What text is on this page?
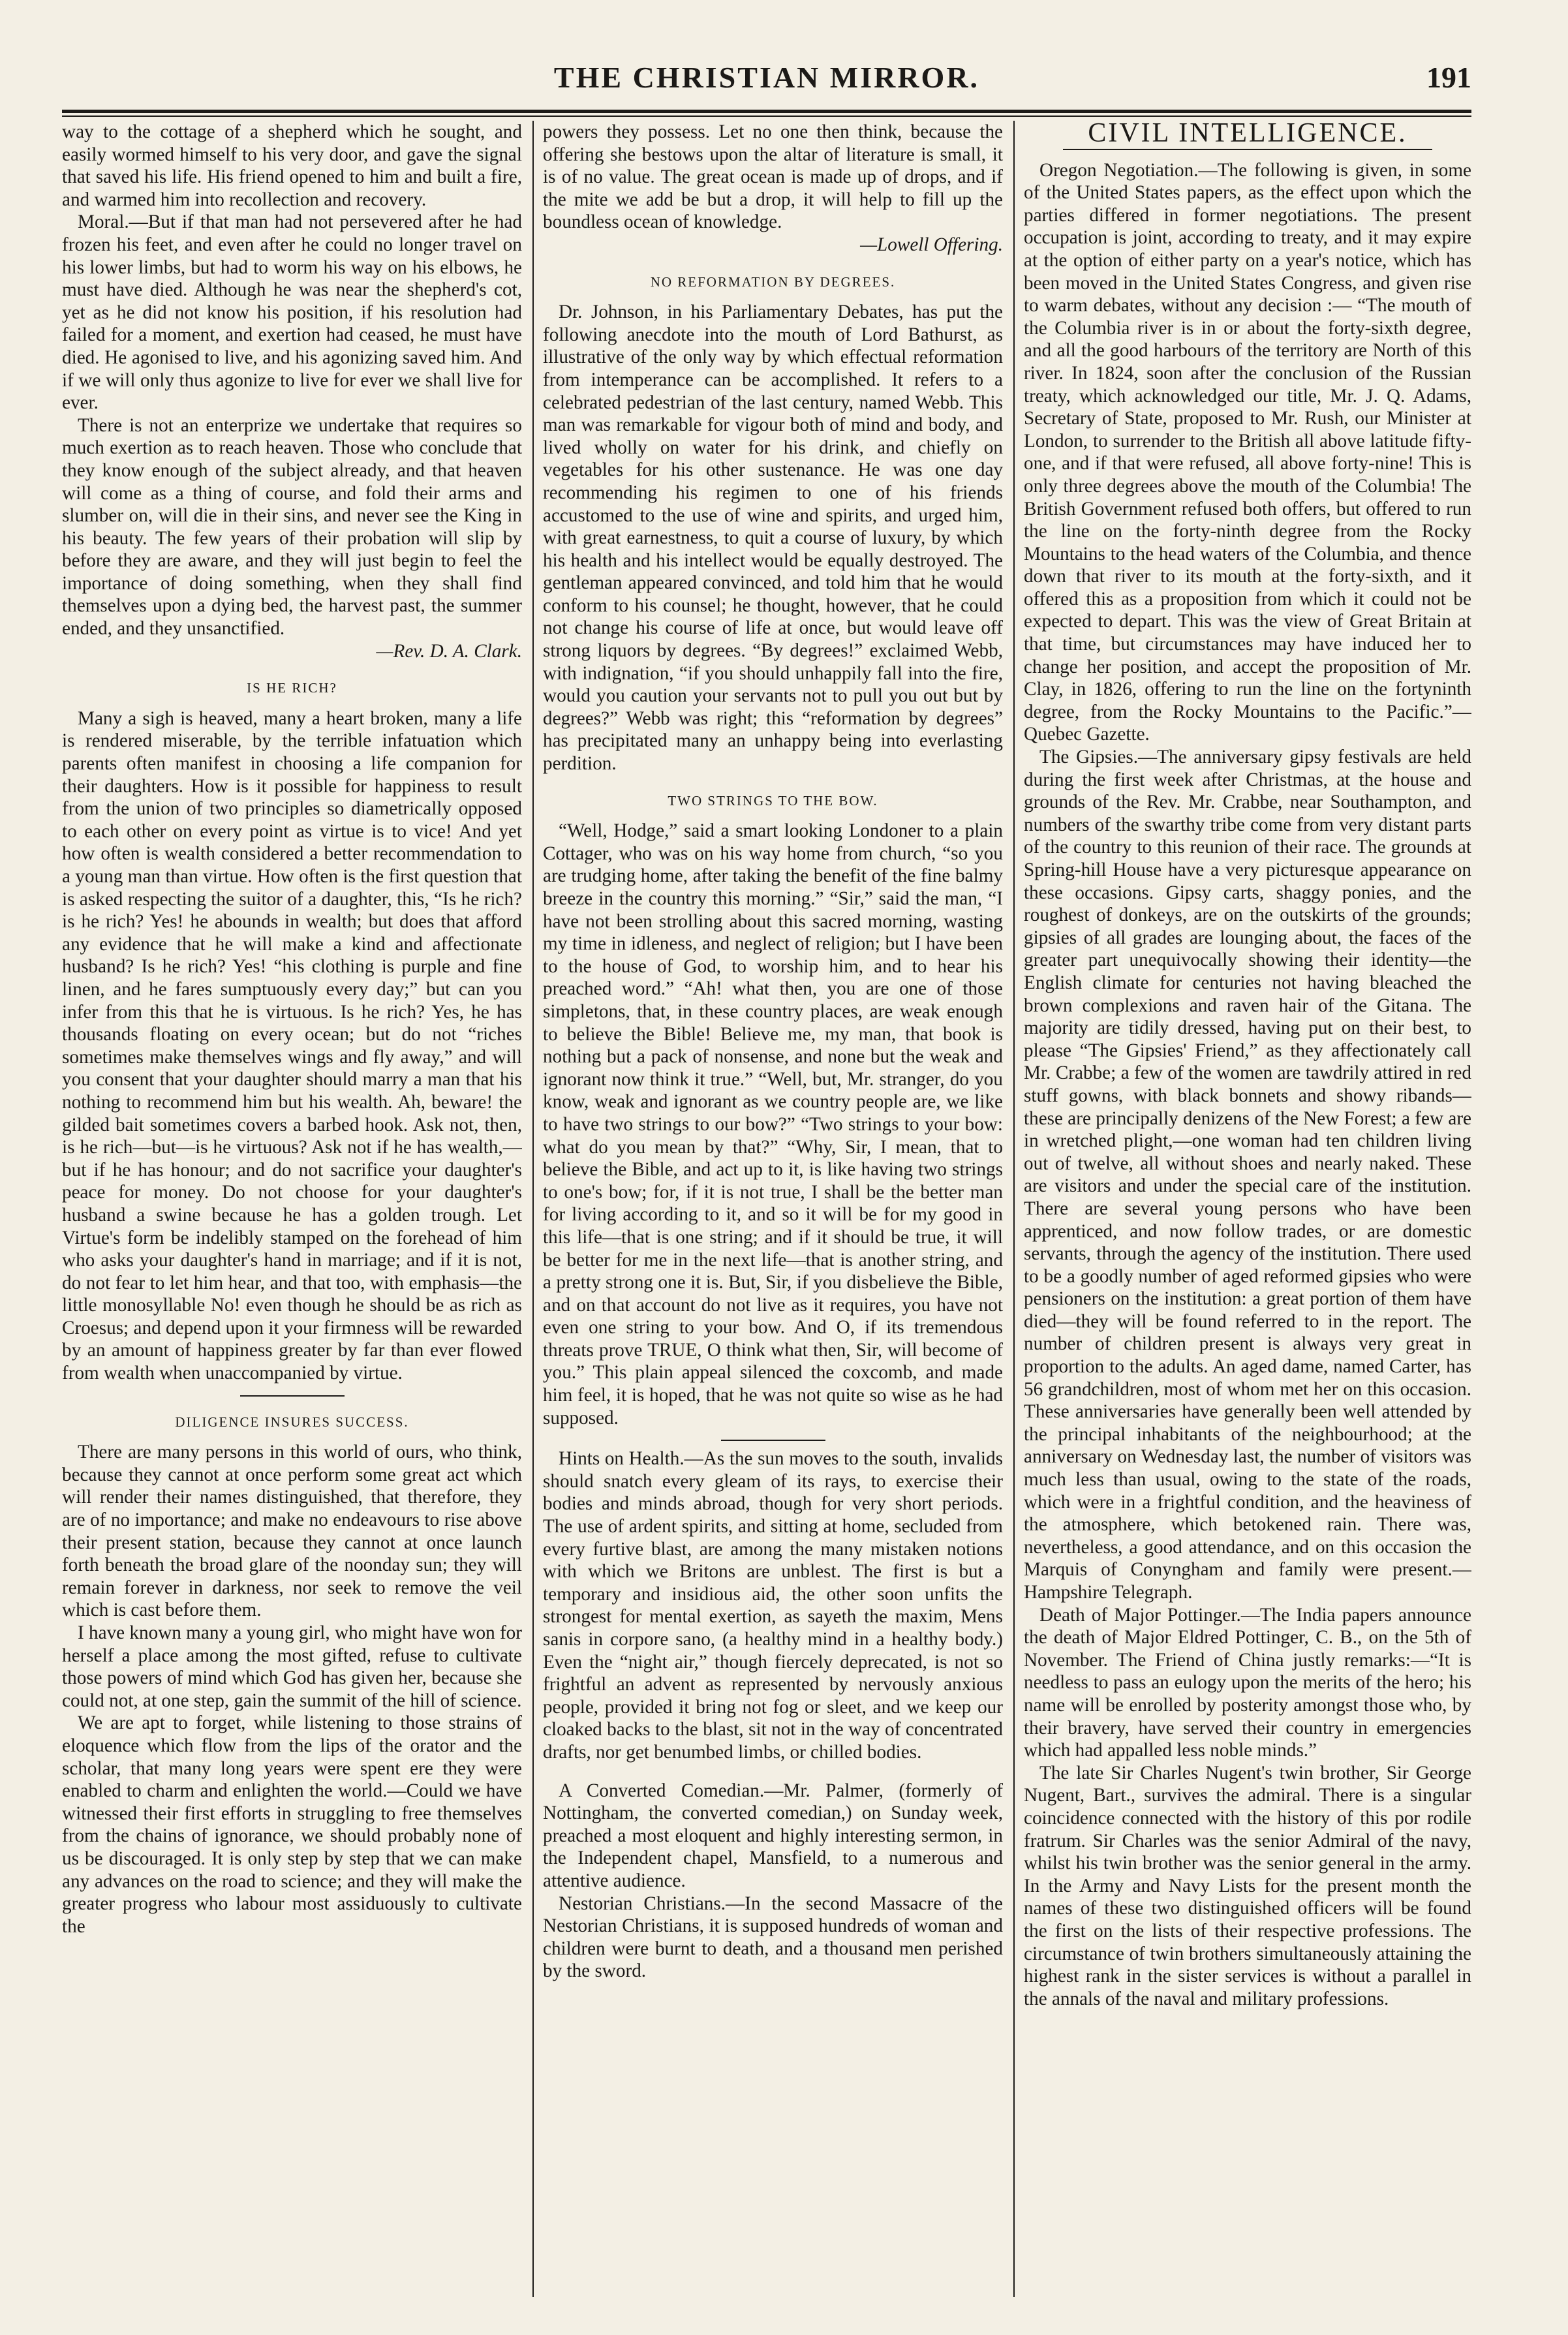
THE CHRISTIAN MIRROR.	191

way to the cottage of a shepherd which he sought, and easily wormed himself to his very door, and gave the signal that saved his life. His friend opened to him and built a fire, and warmed him into recollection and recovery.

Moral.—But if that man had not persevered after he had frozen his feet, and even after he could no longer travel on his lower limbs, but had to worm his way on his elbows, he must have died. Although he was near the shepherd's cot, yet as he did not know his position, if his resolution had failed for a moment, and exertion had ceased, he must have died. He agonised to live, and his agonizing saved him. And if we will only thus agonize to live for ever we shall live for ever.

There is not an enterprize we undertake that requires so much exertion as to reach heaven. Those who conclude that they know enough of the subject already, and that heaven will come as a thing of course, and fold their arms and slumber on, will die in their sins, and never see the King in his beauty. The few years of their probation will slip by before they are aware, and they will just begin to feel the importance of doing something, when they shall find themselves upon a dying bed, the harvest past, the summer ended, and they unsanctified.

—Rev. D. A. Clark.

IS HE RICH?

Many a sigh is heaved, many a heart broken, many a life is rendered miserable, by the terrible infatuation which parents often manifest in choosing a life companion for their daughters. How is it possible for happiness to result from the union of two principles so diametrically opposed to each other on every point as virtue is to vice! And yet how often is wealth considered a better recommendation to a young man than virtue. How often is the first question that is asked respecting the suitor of a daughter, this, “Is he rich? is he rich? Yes! he abounds in wealth; but does that afford any evidence that he will make a kind and affectionate husband? Is he rich? Yes! “his clothing is purple and fine linen, and he fares sumptuously every day;” but can you infer from this that he is virtuous. Is he rich? Yes, he has thousands floating on every ocean; but do not “riches sometimes make themselves wings and fly away,” and will you consent that your daughter should marry a man that his nothing to recommend him but his wealth. Ah, beware! the gilded bait sometimes covers a barbed hook. Ask not, then, is he rich—but—is he virtuous? Ask not if he has wealth,—but if he has honour; and do not sacrifice your daughter's peace for money. Do not choose for your daughter's husband a swine because he has a golden trough. Let Virtue's form be indelibly stamped on the forehead of him who asks your daughter's hand in marriage; and if it is not, do not fear to let him hear, and that too, with emphasis—the little monosyllable No! even though he should be as rich as Croesus; and depend upon it your firmness will be rewarded by an amount of happiness greater by far than ever flowed from wealth when unaccompanied by virtue.

DILIGENCE INSURES SUCCESS.

There are many persons in this world of ours, who think, because they cannot at once perform some great act which will render their names distinguished, that therefore, they are of no importance; and make no endeavours to rise above their present station, because they cannot at once launch forth beneath the broad glare of the noonday sun; they will remain forever in darkness, nor seek to remove the veil which is cast before them.

I have known many a young girl, who might have won for herself a place among the most gifted, refuse to cultivate those powers of mind which God has given her, because she could not, at one step, gain the summit of the hill of science.

We are apt to forget, while listening to those strains of eloquence which flow from the lips of the orator and the scholar, that many long years were spent ere they were enabled to charm and enlighten the world.—Could we have witnessed their first efforts in struggling to free themselves from the chains of ignorance, we should probably none of us be discouraged. It is only step by step that we can make any advances on the road to science; and they will make the greater progress who labour most assiduously to cultivate the

powers they possess. Let no one then think, because the offering she bestows upon the altar of literature is small, it is of no value. The great ocean is made up of drops, and if the mite we add be but a drop, it will help to fill up the boundless ocean of knowledge.

—Lowell Offering.

NO REFORMATION BY DEGREES.

Dr. Johnson, in his Parliamentary Debates, has put the following anecdote into the mouth of Lord Bathurst, as illustrative of the only way by which effectual reformation from intemperance can be accomplished. It refers to a celebrated pedestrian of the last century, named Webb. This man was remarkable for vigour both of mind and body, and lived wholly on water for his drink, and chiefly on vegetables for his other sustenance. He was one day recommending his regimen to one of his friends accustomed to the use of wine and spirits, and urged him, with great earnestness, to quit a course of luxury, by which his health and his intellect would be equally destroyed. The gentleman appeared convinced, and told him that he would conform to his counsel; he thought, however, that he could not change his course of life at once, but would leave off strong liquors by degrees. “By degrees!” exclaimed Webb, with indignation, “if you should unhappily fall into the fire, would you caution your servants not to pull you out but by degrees?” Webb was right; this “reformation by degrees” has precipitated many an unhappy being into everlasting perdition.

TWO STRINGS TO THE BOW.

“Well, Hodge,” said a smart looking Londoner to a plain Cottager, who was on his way home from church, “so you are trudging home, after taking the benefit of the fine balmy breeze in the country this morning.” “Sir,” said the man, “I have not been strolling about this sacred morning, wasting my time in idleness, and neglect of religion; but I have been to the house of God, to worship him, and to hear his preached word.” “Ah! what then, you are one of those simpletons, that, in these country places, are weak enough to believe the Bible! Believe me, my man, that book is nothing but a pack of nonsense, and none but the weak and ignorant now think it true.” “Well, but, Mr. stranger, do you know, weak and ignorant as we country people are, we like to have two strings to our bow?” “Two strings to your bow: what do you mean by that?” “Why, Sir, I mean, that to believe the Bible, and act up to it, is like having two strings to one's bow; for, if it is not true, I shall be the better man for living according to it, and so it will be for my good in this life—that is one string; and if it should be true, it will be better for me in the next life—that is another string, and a pretty strong one it is. But, Sir, if you disbelieve the Bible, and on that account do not live as it requires, you have not even one string to your bow. And O, if its tremendous threats prove TRUE, O think what then, Sir, will become of you.” This plain appeal silenced the coxcomb, and made him feel, it is hoped, that he was not quite so wise as he had supposed.

Hints on Health.—As the sun moves to the south, invalids should snatch every gleam of its rays, to exercise their bodies and minds abroad, though for very short periods. The use of ardent spirits, and sitting at home, secluded from every furtive blast, are among the many mistaken notions with which we Britons are unblest. The first is but a temporary and insidious aid, the other soon unfits the strongest for mental exertion, as sayeth the maxim, Mens sanis in corpore sano, (a healthy mind in a healthy body.) Even the “night air,” though fiercely deprecated, is not so frightful an advent as represented by nervously anxious people, provided it bring not fog or sleet, and we keep our cloaked backs to the blast, sit not in the way of concentrated drafts, nor get benumbed limbs, or chilled bodies.

A Converted Comedian.—Mr. Palmer, (formerly of Nottingham, the converted comedian,) on Sunday week, preached a most eloquent and highly interesting sermon, in the Independent chapel, Mansfield, to a numerous and attentive audience.

Nestorian Christians.—In the second Massacre of the Nestorian Christians, it is supposed hundreds of woman and children were burnt to death, and a thousand men perished by the sword.

CIVIL INTELLIGENCE.

Oregon Negotiation.—The following is given, in some of the United States papers, as the effect upon which the parties differed in former negotiations. The present occupation is joint, according to treaty, and it may expire at the option of either party on a year's notice, which has been moved in the United States Congress, and given rise to warm debates, without any decision :— “The mouth of the Columbia river is in or about the forty-sixth degree, and all the good harbours of the territory are North of this river. In 1824, soon after the conclusion of the Russian treaty, which acknowledged our title, Mr. J. Q. Adams, Secretary of State, proposed to Mr. Rush, our Minister at London, to surrender to the British all above latitude fifty-one, and if that were refused, all above forty-nine! This is only three degrees above the mouth of the Columbia! The British Government refused both offers, but offered to run the line on the forty-ninth degree from the Rocky Mountains to the head waters of the Columbia, and thence down that river to its mouth at the forty-sixth, and it offered this as a proposition from which it could not be expected to depart. This was the view of Great Britain at that time, but circumstances may have induced her to change her position, and accept the proposition of Mr. Clay, in 1826, offering to run the line on the fortyninth degree, from the Rocky Mountains to the Pacific.”—Quebec Gazette.

The Gipsies.—The anniversary gipsy festivals are held during the first week after Christmas, at the house and grounds of the Rev. Mr. Crabbe, near Southampton, and numbers of the swarthy tribe come from very distant parts of the country to this reunion of their race. The grounds at Spring-hill House have a very picturesque appearance on these occasions. Gipsy carts, shaggy ponies, and the roughest of donkeys, are on the outskirts of the grounds; gipsies of all grades are lounging about, the faces of the greater part unequivocally showing their identity—the English climate for centuries not having bleached the brown complexions and raven hair of the Gitana. The majority are tidily dressed, having put on their best, to please “The Gipsies' Friend,” as they affectionately call Mr. Crabbe; a few of the women are tawdrily attired in red stuff gowns, with black bonnets and showy ribands—these are principally denizens of the New Forest; a few are in wretched plight,—one woman had ten children living out of twelve, all without shoes and nearly naked. These are visitors and under the special care of the institution. There are several young persons who have been apprenticed, and now follow trades, or are domestic servants, through the agency of the institution. There used to be a goodly number of aged reformed gipsies who were pensioners on the institution: a great portion of them have died—they will be found referred to in the report. The number of children present is always very great in proportion to the adults. An aged dame, named Carter, has 56 grandchildren, most of whom met her on this occasion. These anniversaries have generally been well attended by the principal inhabitants of the neighbourhood; at the anniversary on Wednesday last, the number of visitors was much less than usual, owing to the state of the roads, which were in a frightful condition, and the heaviness of the atmosphere, which betokened rain. There was, nevertheless, a good attendance, and on this occasion the Marquis of Conyngham and family were present.—Hampshire Telegraph.

Death of Major Pottinger.—The India papers announce the death of Major Eldred Pottinger, C. B., on the 5th of November. The Friend of China justly remarks:—“It is needless to pass an eulogy upon the merits of the hero; his name will be enrolled by posterity amongst those who, by their bravery, have served their country in emergencies which had appalled less noble minds.”

The late Sir Charles Nugent's twin brother, Sir George Nugent, Bart., survives the admiral. There is a singular coincidence connected with the history of this por rodile fratrum. Sir Charles was the senior Admiral of the navy, whilst his twin brother was the senior general in the army. In the Army and Navy Lists for the present month the names of these two distinguished officers will be found the first on the lists of their respective professions. The circumstance of twin brothers simultaneously attaining the highest rank in the sister services is without a parallel in the annals of the naval and military professions.
